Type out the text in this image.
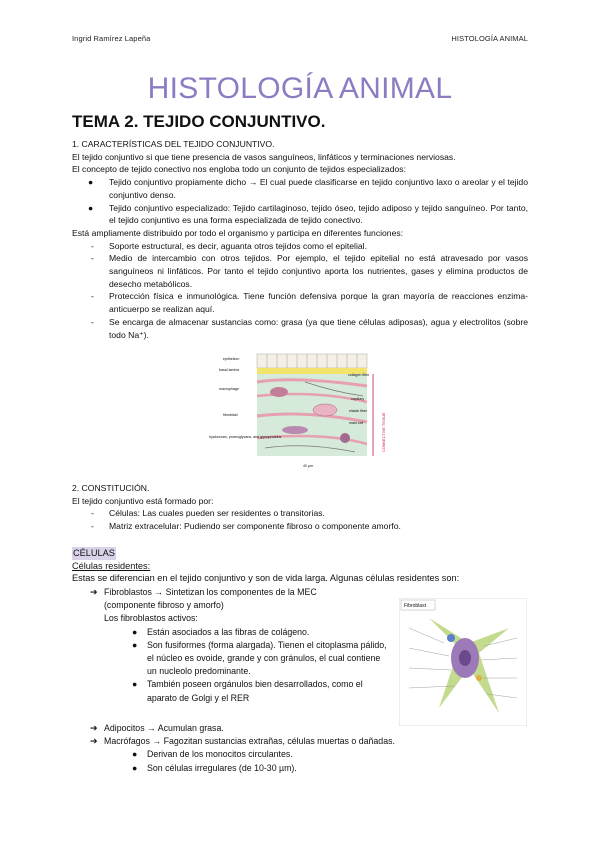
Ingrid Ramírez Lapeña	HISTOLOGÍA ANIMAL
HISTOLOGÍA ANIMAL
TEMA 2. TEJIDO CONJUNTIVO.

1. CARACTERÍSTICAS DEL TEJIDO CONJUNTIVO.

El tejido conjuntivo si que tiene presencia de vasos sanguíneos, linfáticos y terminaciones nerviosas.

El concepto de tejido conectivo nos engloba todo un conjunto de tejidos especializados:

● Tejido conjuntivo propiamente dicho → El cual puede clasificarse en tejido conjuntivo laxo o areolar y el tejido conjuntivo denso.
● Tejido conjuntivo especializado: Tejido cartilaginoso, tejido óseo, tejido adiposo y tejido sanguíneo. Por tanto, el tejido conjuntivo es una forma especializada de tejido conectivo.

Está ampliamente distribuido por todo el organismo y participa en diferentes funciones:

- Soporte estructural, es decir, aguanta otros tejidos como el epitelial.
- Medio de intercambio con otros tejidos. Por ejemplo, el tejido epitelial no está atravesado por vasos sanguíneos ni linfáticos. Por tanto el tejido conjuntivo aporta los nutrientes, gases y elimina productos de desecho metabólicos.
- Protección física e inmunológica. Tiene función defensiva porque la gran mayoría de reacciones enzima-anticuerpo se realizan aquí.
- Se encarga de almacenar sustancias como: grasa (ya que tiene células adiposas), agua y electrolitos (sobre todo Na⁺).
epithelium
basal lamina
macrophage
fibroblast
hyaluronan, proteoglycans, and glycoproteins
collagen fiber
capillary
elastic fiber
mast cell
40 μm
CONNECTIVE TISSUE

2. CONSTITUCIÓN.

El tejido conjuntivo está formado por:

- Células: Las cuales pueden ser residentes o transitorias.
- Matriz extracelular: Pudiendo ser componente fibroso o componente amorfo.

CÉLULAS

Células residentes:

Estas se diferencian en el tejido conjuntivo y son de vida larga. Algunas células residentes son:

➔ Fibroblastos → Sintetizan los componentes de la MEC

(componente fibroso y amorfo)

Los fibroblastos activos:

● Están asociados a las fibras de colágeno.
● Son fusiformes (forma alargada). Tienen el citoplasma pálido, el núcleo es ovoide, grande y con gránulos, el cual contiene un nucleolo predominante.
● También poseen orgánulos bien desarrollados, como el aparato de Golgi y el RER
Fibroblast
➔ Adipocitos → Acumulan grasa.
➔ Macrófagos → Fagozitan sustancias extrañas, células muertas o dañadas.
● Derivan de los monocitos circulantes.
● Son células irregulares (de 10-30 µm).
